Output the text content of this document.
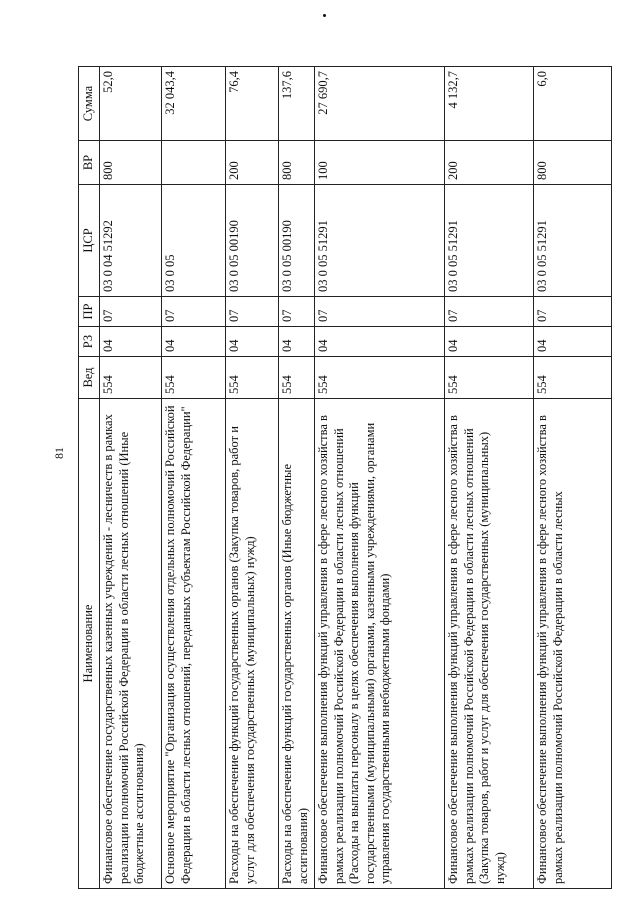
81
Наименование	Вед	РЗ	ПР	ЦСР	ВР	Сумма
Финансовое обеспечение государственных казенных учреждений - лесничеств в рамках реализации полномочий Российской Федерации в области лесных отношений (Иные бюджетные ассигнования)	554	04	07	03 0 04 51292	800	52,0
Основное мероприятие "Организация осуществления отдельных полномочий Российской Федерации в области лесных отношений, переданных субъектам Российской Федерации"	554	04	07	03 0 05		32 043,4
Расходы на обеспечение функций государственных органов (Закупка товаров, работ и услуг для обеспечения государственных (муниципальных) нужд)	554	04	07	03 0 05 00190	200	76,4
Расходы на обеспечение функций государственных органов (Иные бюджетные ассигнования)	554	04	07	03 0 05 00190	800	137,6
Финансовое обеспечение выполнения функций управления в сфере лесного хозяйства в рамках реализации полномочий Российской Федерации в области лесных отношений (Расходы на выплаты персоналу в целях обеспечения выполнения функций государственными (муниципальными) органами, казенными учреждениями, органами управления государственными внебюджетными фондами)	554	04	07	03 0 05 51291	100	27 690,7
Финансовое обеспечение выполнения функций управления в сфере лесного хозяйства в рамках реализации полномочий Российской Федерации в области лесных отношений (Закупка товаров, работ и услуг для обеспечения государственных (муниципальных) нужд)	554	04	07	03 0 05 51291	200	4 132,7
Финансовое обеспечение выполнения функций управления в сфере лесного хозяйства в рамках реализации полномочий Российской Федерации в области лесных	554	04	07	03 0 05 51291	800	6,0
